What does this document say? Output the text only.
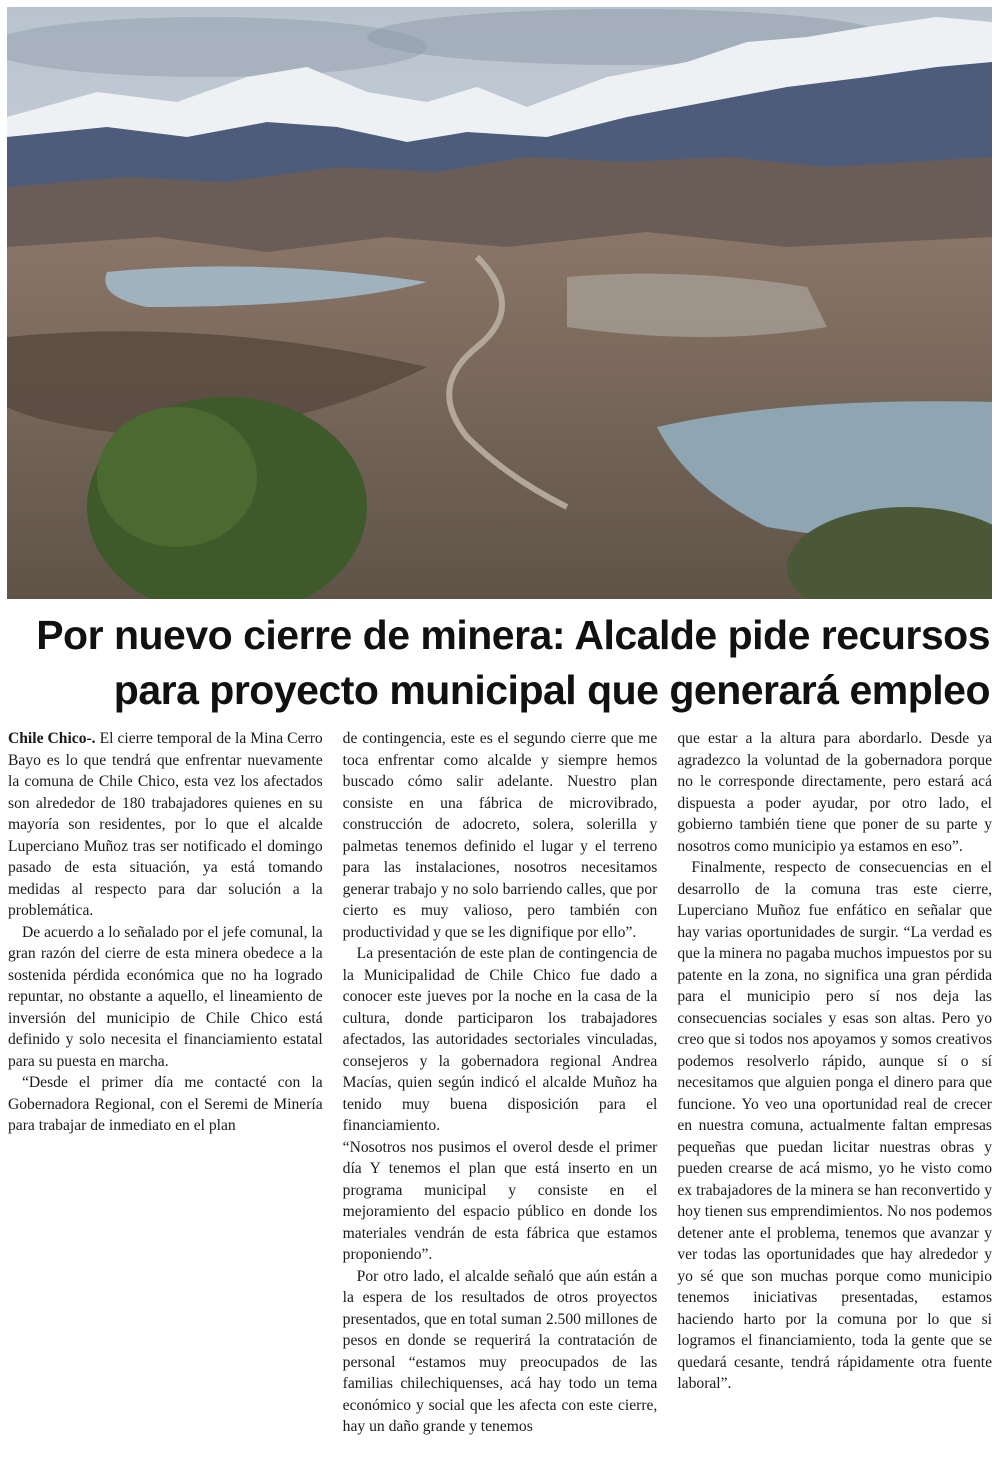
Por nuevo cierre de minera: Alcalde pide recursos
para proyecto municipal que generará empleo

Chile Chico-. El cierre temporal de la Mina Cerro Bayo es lo que tendrá que enfrentar nuevamente la comuna de Chile Chico, esta vez los afectados son alrededor de 180 trabajadores quienes en su mayoría son residentes, por lo que el alcalde Luperciano Muñoz tras ser notificado el domingo pasado de esta situación, ya está tomando medidas al respecto para dar solución a la problemática.

De acuerdo a lo señalado por el jefe comunal, la gran razón del cierre de esta minera obedece a la sostenida pérdida económica que no ha logrado repuntar, no obstante a aquello, el lineamiento de inversión del municipio de Chile Chico está definido y solo necesita el financiamiento estatal para su puesta en marcha.

“Desde el primer día me contacté con la Gobernadora Regional, con el Seremi de Minería para trabajar de inmediato en el plan

de contingencia, este es el segundo cierre que me toca enfrentar como alcalde y siempre hemos buscado cómo salir adelante. Nuestro plan consiste en una fábrica de microvibrado, construcción de adocreto, solera, solerilla y palmetas tenemos definido el lugar y el terreno para las instalaciones, nosotros necesitamos generar trabajo y no solo barriendo calles, que por cierto es muy valioso, pero también con productividad y que se les dignifique por ello”.

La presentación de este plan de contingencia de la Municipalidad de Chile Chico fue dado a conocer este jueves por la noche en la casa de la cultura, donde participaron los trabajadores afectados, las autoridades sectoriales vinculadas, consejeros y la gobernadora regional Andrea Macías, quien según indicó el alcalde Muñoz ha tenido muy buena disposición para el financiamiento.

“Nosotros nos pusimos el overol desde el primer día Y tenemos el plan que está inserto en un programa municipal y consiste en el mejoramiento del espacio público en donde los materiales vendrán de esta fábrica que estamos proponiendo”.

Por otro lado, el alcalde señaló que aún están a la espera de los resultados de otros proyectos presentados, que en total suman 2.500 millones de pesos en donde se requerirá la contratación de personal “estamos muy preocupados de las familias chilechiquenses, acá hay todo un tema económico y social que les afecta con este cierre, hay un daño grande y tenemos

que estar a la altura para abordarlo. Desde ya agradezco la voluntad de la gobernadora porque no le corresponde directamente, pero estará acá dispuesta a poder ayudar, por otro lado, el gobierno también tiene que poner de su parte y nosotros como municipio ya estamos en eso”.

Finalmente, respecto de consecuencias en el desarrollo de la comuna tras este cierre, Luperciano Muñoz fue enfático en señalar que hay varias oportunidades de surgir. “La verdad es que la minera no pagaba muchos impuestos por su patente en la zona, no significa una gran pérdida para el municipio pero sí nos deja las consecuencias sociales y esas son altas. Pero yo creo que si todos nos apoyamos y somos creativos podemos resolverlo rápido, aunque sí o sí necesitamos que alguien ponga el dinero para que funcione. Yo veo una oportunidad real de crecer en nuestra comuna, actualmente faltan empresas pequeñas que puedan licitar nuestras obras y pueden crearse de acá mismo, yo he visto como ex trabajadores de la minera se han reconvertido y hoy tienen sus emprendimientos. No nos podemos detener ante el problema, tenemos que avanzar y ver todas las oportunidades que hay alrededor y yo sé que son muchas porque como municipio tenemos iniciativas presentadas, estamos haciendo harto por la comuna por lo que si logramos el financiamiento, toda la gente que se quedará cesante, tendrá rápidamente otra fuente laboral”.
